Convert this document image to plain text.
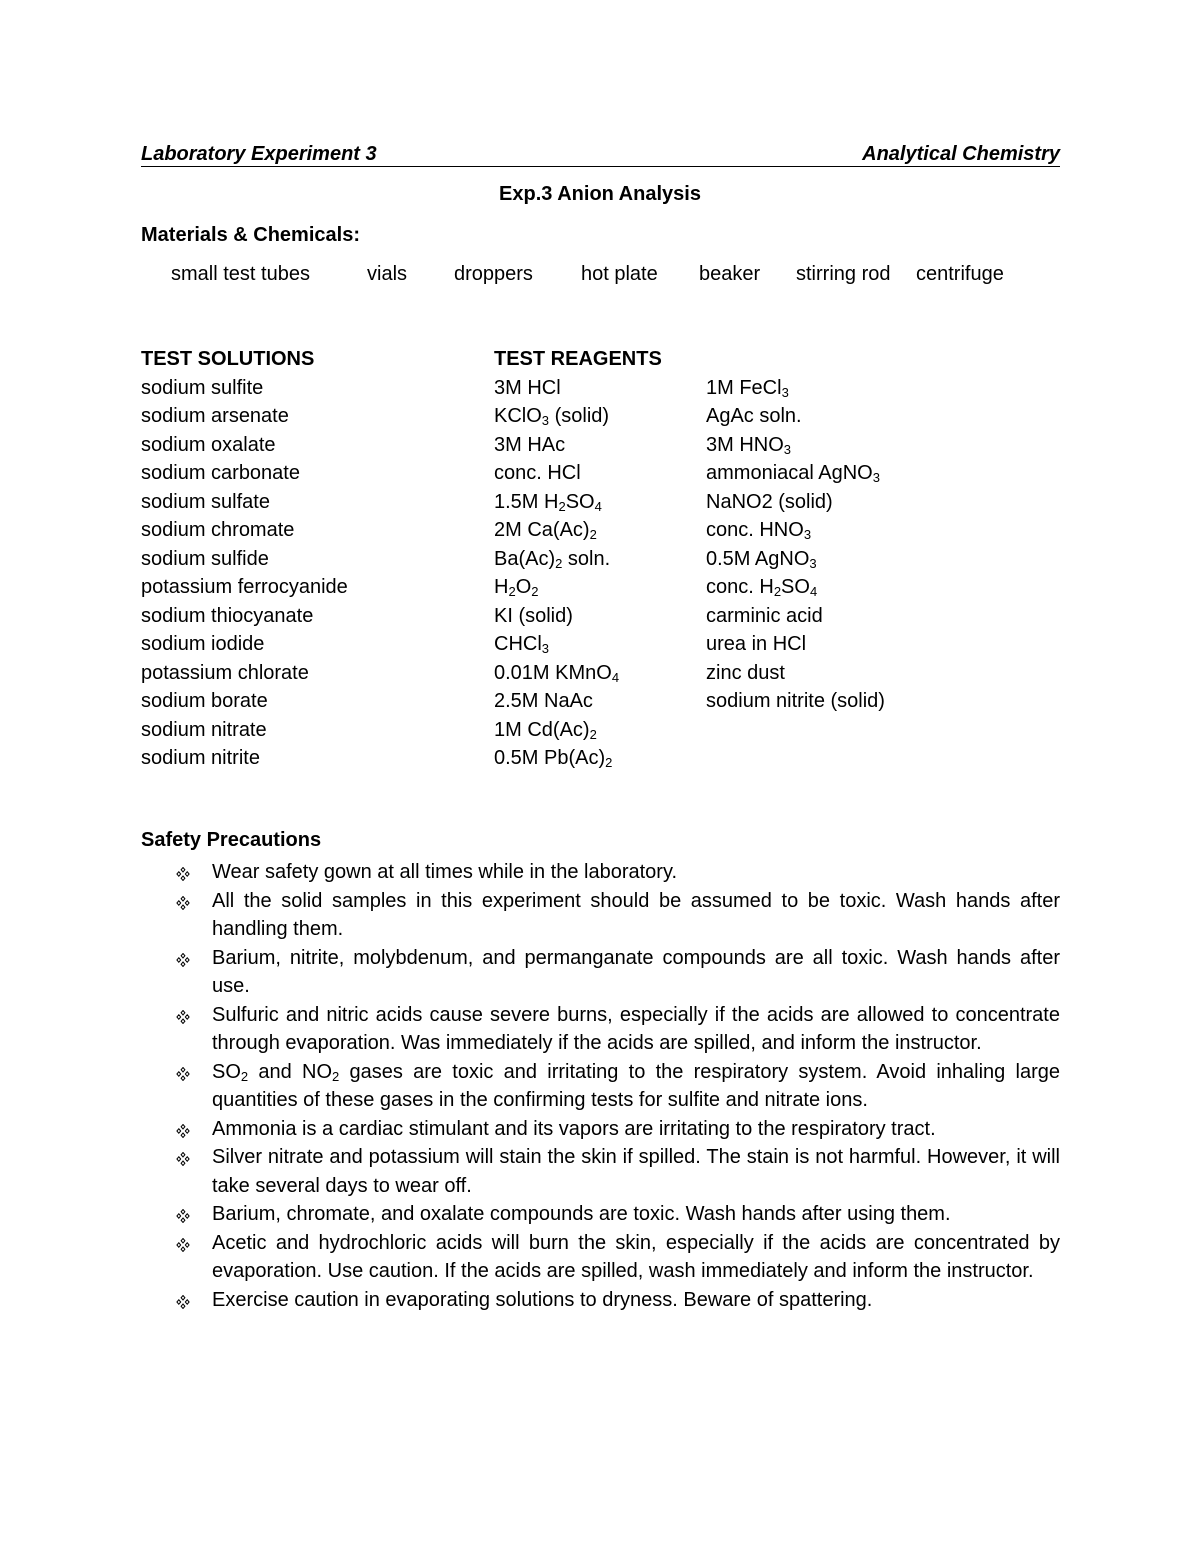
Laboratory Experiment 3	Analytical Chemistry
Exp.3 Anion Analysis
Materials & Chemicals:
small test tubes	vials droppers hot plate beaker stirring rod centrifuge
TEST SOLUTIONS
sodium sulfite
sodium arsenate
sodium oxalate
sodium carbonate
sodium sulfate
sodium chromate
sodium sulfide
potassium ferrocyanide
sodium thiocyanate
sodium iodide
potassium chlorate
sodium borate
sodium nitrate
sodium nitrite
TEST REAGENTS
3M HCl
KClO$_3$ (solid)
3M HAc
conc. HCl
1.5M $H_2SO_4$
2M $Ca(Ac)_2$
$Ba(Ac)_2$ soln.
$H_2O_2$
KI (solid)
CHCl$_3$
0.01M KMnO$_4$
2.5M NaAc
1M $Cd(Ac)_2$
0.5M $Pb(Ac)_2$
1M FeCl$_3$
AgAc soln.
3M $HNO_3$
ammoniacal AgNO$_3$
NaNO2 (solid)
conc. $HNO_3$
0.5M AgNO$_3$
conc. $H_2SO_4$
carminic acid
urea in HCl
zinc dust
sodium nitrite (solid)
Safety Precautions
Wear safety gown at all times while in the laboratory.
All the solid samples in this experiment should be assumed to be toxic. Wash hands after handling them.
Barium, nitrite, molybdenum, and permanganate compounds are all toxic. Wash hands after use.
Sulfuric and nitric acids cause severe burns, especially if the acids are allowed to concentrate through evaporation. Was immediately if the acids are spilled, and inform the instructor.
$SO_2$ and $NO_2$ gases are toxic and irritating to the respiratory system. Avoid inhaling large quantities of these gases in the confirming tests for sulfite and nitrate ions.
Ammonia is a cardiac stimulant and its vapors are irritating to the respiratory tract.
Silver nitrate and potassium will stain the skin if spilled. The stain is not harmful. However, it will take several days to wear off.
Barium, chromate, and oxalate compounds are toxic. Wash hands after using them.
Acetic and hydrochloric acids will burn the skin, especially if the acids are concentrated by evaporation. Use caution. If the acids are spilled, wash immediately and inform the instructor.
Exercise caution in evaporating solutions to dryness. Beware of spattering.
